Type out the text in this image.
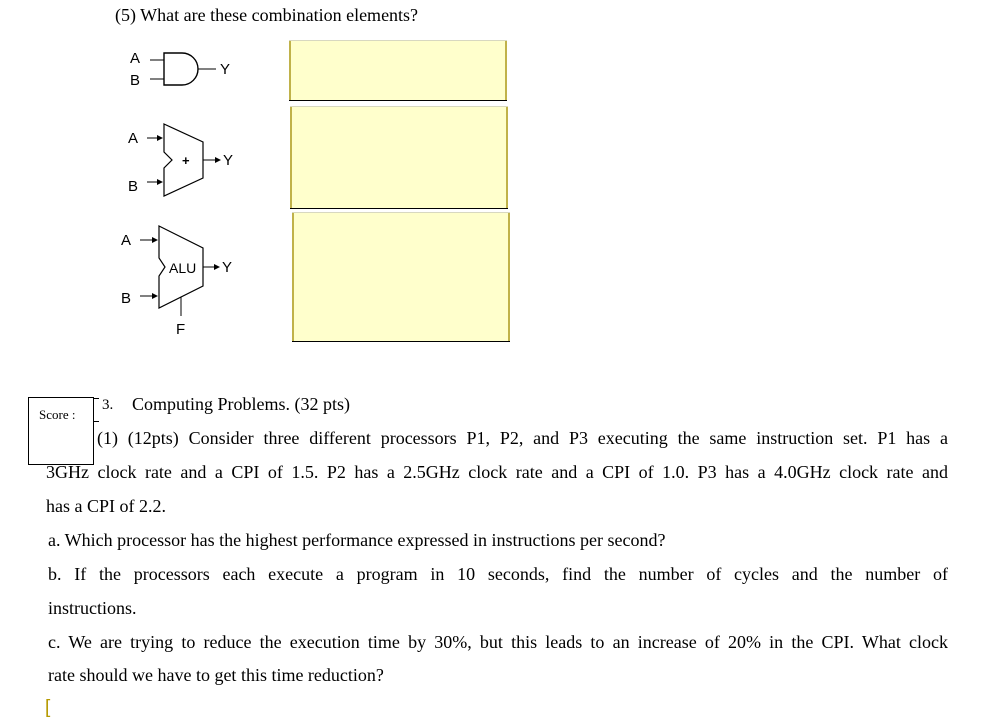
(5) What are these combination elements?
A
B
Y
A
B
+ Y
A
B
ALU Y
F
Score :
3. Computing Problems. (32 pts)
(1) (12pts) Consider three different processors P1, P2, and P3 executing the same instruction set. P1 has a
3GHz clock rate and a CPI of 1.5. P2 has a 2.5GHz clock rate and a CPI of 1.0. P3 has a 4.0GHz clock rate and
has a CPI of 2.2.
a. Which processor has the highest performance expressed in instructions per second?
b. If the processors each execute a program in 10 seconds, find the number of cycles and the number of
instructions.
c. We are trying to reduce the execution time by 30%, but this leads to an increase of 20% in the CPI. What clock
rate should we have to get this time reduction?
[
